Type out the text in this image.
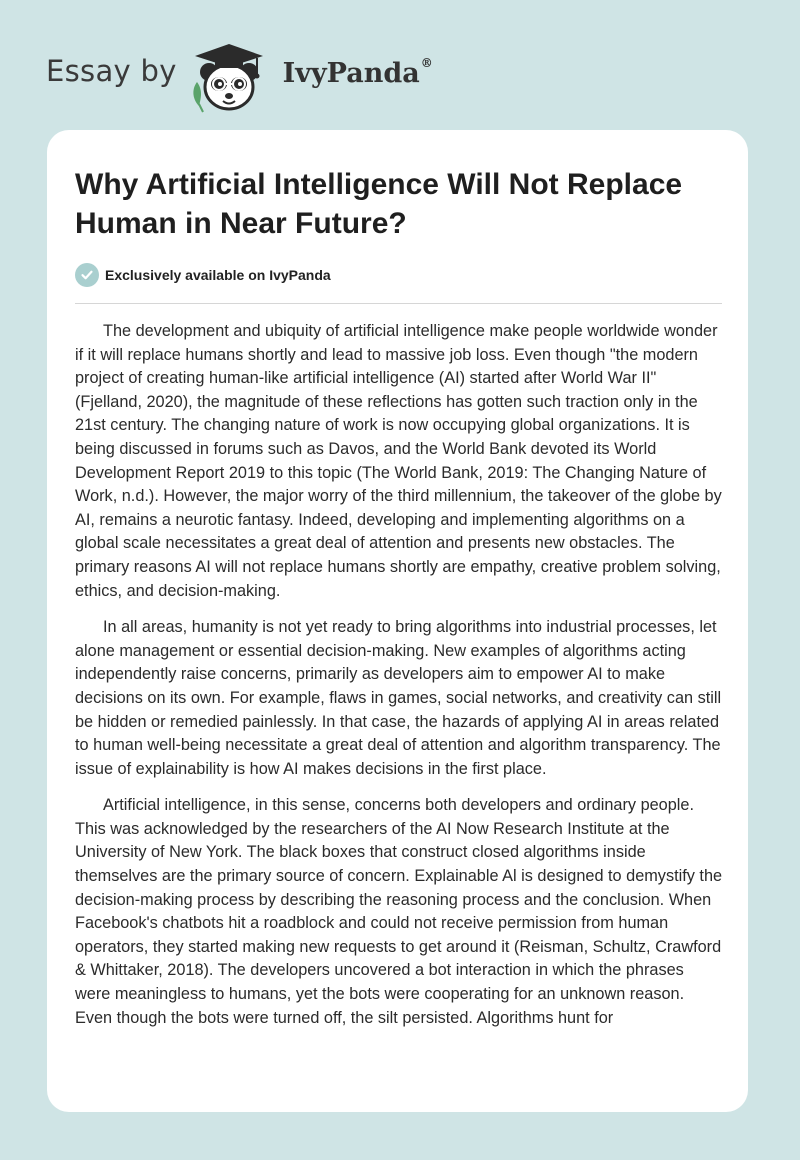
Essay by	IvyPanda®
Why Artificial Intelligence Will Not Replace Human in Near Future?
Exclusively available on IvyPanda

The development and ubiquity of artificial intelligence make people worldwide wonder if it will replace humans shortly and lead to massive job loss. Even though "the modern project of creating human-like artificial intelligence (AI) started after World War II" (Fjelland, 2020), the magnitude of these reflections has gotten such traction only in the 21st century. The changing nature of work is now occupying global organizations. It is being discussed in forums such as Davos, and the World Bank devoted its World Development Report 2019 to this topic (The World Bank, 2019: The Changing Nature of Work, n.d.). However, the major worry of the third millennium, the takeover of the globe by AI, remains a neurotic fantasy. Indeed, developing and implementing algorithms on a global scale necessitates a great deal of attention and presents new obstacles. The primary reasons AI will not replace humans shortly are empathy, creative problem solving, ethics, and decision-making.

In all areas, humanity is not yet ready to bring algorithms into industrial processes, let alone management or essential decision-making. New examples of algorithms acting independently raise concerns, primarily as developers aim to empower AI to make decisions on its own. For example, flaws in games, social networks, and creativity can still be hidden or remedied painlessly. In that case, the hazards of applying AI in areas related to human well-being necessitate a great deal of attention and algorithm transparency. The issue of explainability is how AI makes decisions in the first place.

Artificial intelligence, in this sense, concerns both developers and ordinary people. This was acknowledged by the researchers of the AI Now Research Institute at the University of New York. The black boxes that construct closed algorithms inside themselves are the primary source of concern. Explainable Al is designed to demystify the decision-making process by describing the reasoning process and the conclusion. When Facebook's chatbots hit a roadblock and could not receive permission from human operators, they started making new requests to get around it (Reisman, Schultz, Crawford & Whittaker, 2018). The developers uncovered a bot interaction in which the phrases were meaningless to humans, yet the bots were cooperating for an unknown reason. Even though the bots were turned off, the silt persisted. Algorithms hunt for
